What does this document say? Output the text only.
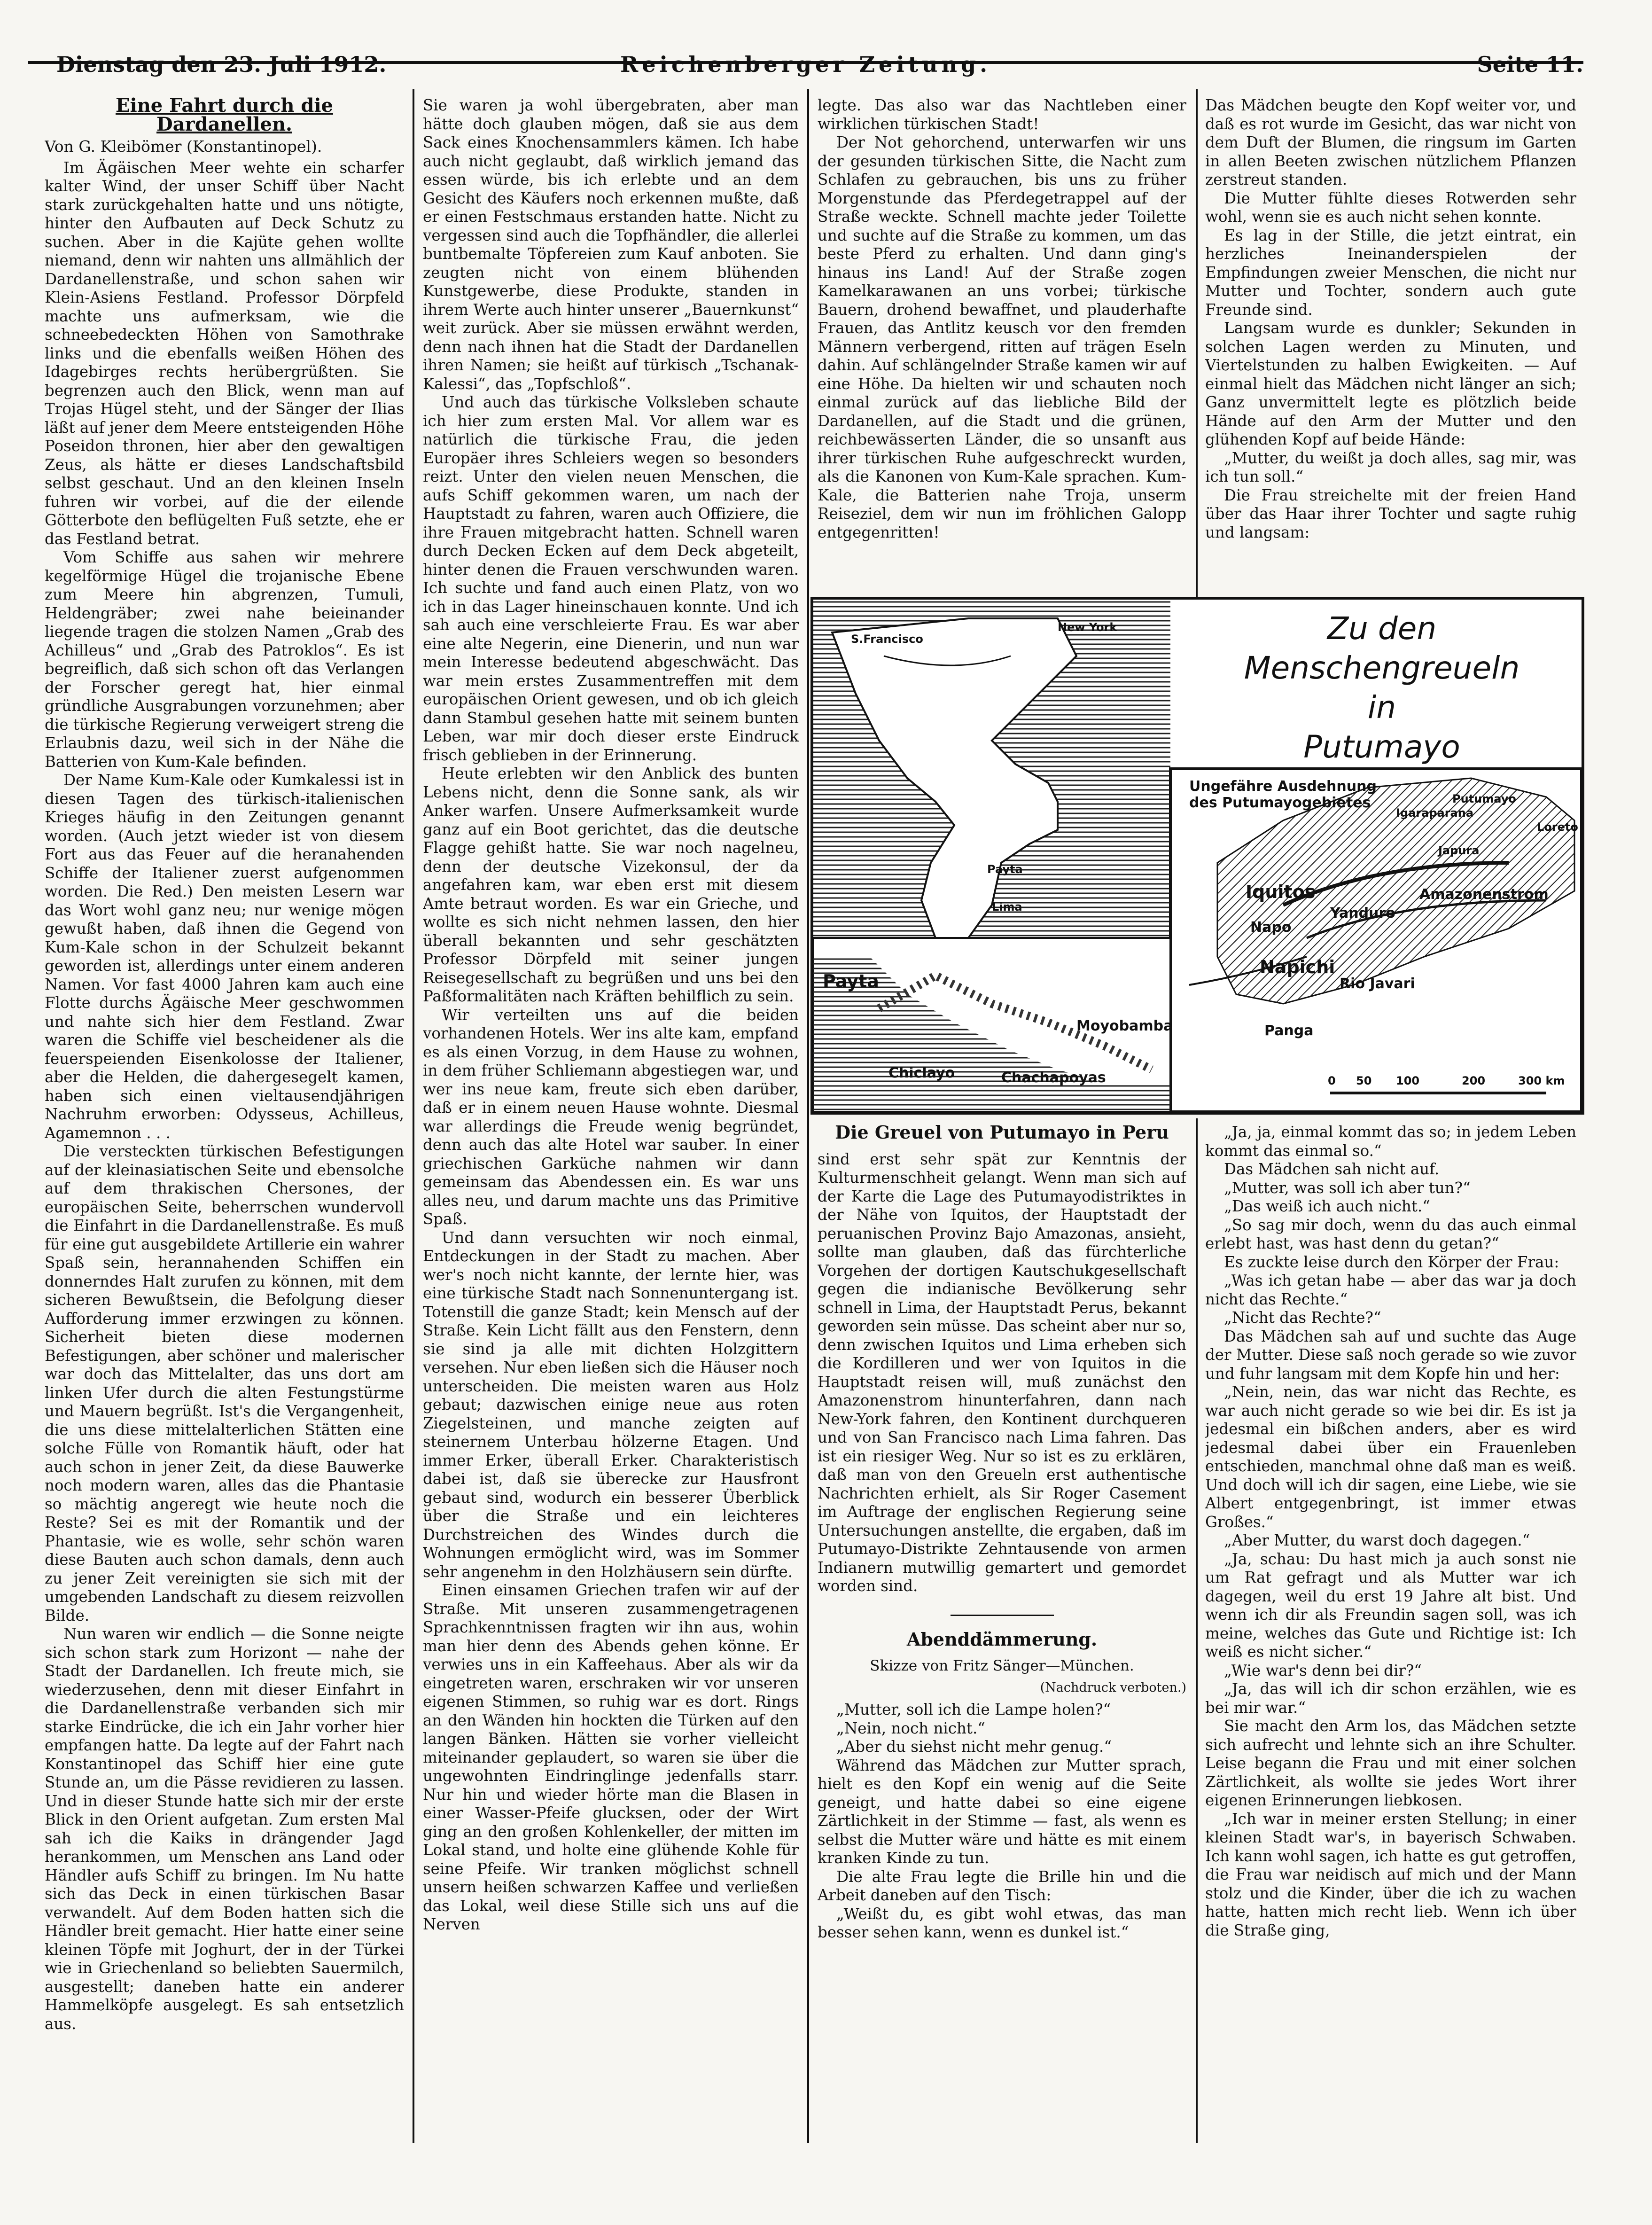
Dienstag den 23. Juli 1912.	Reichenberger Zeitung.	Seite 11.
Eine Fahrt durch die Dardanellen.
Von G. Kleibömer (Konstantinopel).

Im Ägäischen Meer wehte ein scharfer kalter Wind, der unser Schiff über Nacht stark zurückgehalten hatte und uns nötigte, hinter den Aufbauten auf Deck Schutz zu suchen. Aber in die Kajüte gehen wollte niemand, denn wir nahten uns allmählich der Dardanellenstraße, und schon sahen wir Klein-Asiens Festland. Professor Dörpfeld machte uns aufmerksam, wie die schneebedeckten Höhen von Samothrake links und die ebenfalls weißen Höhen des Idagebirges rechts herübergrüßten. Sie begrenzen auch den Blick, wenn man auf Trojas Hügel steht, und der Sänger der Ilias läßt auf jener dem Meere entsteigenden Höhe Poseidon thronen, hier aber den gewaltigen Zeus, als hätte er dieses Landschaftsbild selbst geschaut. Und an den kleinen Inseln fuhren wir vorbei, auf die der eilende Götterbote den beflügelten Fuß setzte, ehe er das Festland betrat.

Vom Schiffe aus sahen wir mehrere kegelförmige Hügel die trojanische Ebene zum Meere hin abgrenzen, Tumuli, Heldengräber; zwei nahe beieinander liegende tragen die stolzen Namen „Grab des Achilleus“ und „Grab des Patroklos“. Es ist begreiflich, daß sich schon oft das Verlangen der Forscher geregt hat, hier einmal gründliche Ausgrabungen vorzunehmen; aber die türkische Regierung verweigert streng die Erlaubnis dazu, weil sich in der Nähe die Batterien von Kum-Kale befinden.

Der Name Kum-Kale oder Kumkalessi ist in diesen Tagen des türkisch-italienischen Krieges häufig in den Zeitungen genannt worden. (Auch jetzt wieder ist von diesem Fort aus das Feuer auf die heranahenden Schiffe der Italiener zuerst aufgenommen worden. Die Red.) Den meisten Lesern war das Wort wohl ganz neu; nur wenige mögen gewußt haben, daß ihnen die Gegend von Kum-Kale schon in der Schulzeit bekannt geworden ist, allerdings unter einem anderen Namen. Vor fast 4000 Jahren kam auch eine Flotte durchs Ägäische Meer geschwommen und nahte sich hier dem Festland. Zwar waren die Schiffe viel bescheidener als die feuerspeienden Eisenkolosse der Italiener, aber die Helden, die dahergesegelt kamen, haben sich einen vieltausendjährigen Nachruhm erworben: Odysseus, Achilleus, Agamemnon . . .

Die versteckten türkischen Befestigungen auf der kleinasiatischen Seite und ebensolche auf dem thrakischen Chersones, der europäischen Seite, beherrschen wundervoll die Einfahrt in die Dardanellenstraße. Es muß für eine gut ausgebildete Artillerie ein wahrer Spaß sein, herannahenden Schiffen ein donnerndes Halt zurufen zu können, mit dem sicheren Bewußtsein, die Befolgung dieser Aufforderung immer erzwingen zu können. Sicherheit bieten diese modernen Befestigungen, aber schöner und malerischer war doch das Mittelalter, das uns dort am linken Ufer durch die alten Festungstürme und Mauern begrüßt. Ist's die Vergangenheit, die uns diese mittelalterlichen Stätten eine solche Fülle von Romantik häuft, oder hat auch schon in jener Zeit, da diese Bauwerke noch modern waren, alles das die Phantasie so mächtig angeregt wie heute noch die Reste? Sei es mit der Romantik und der Phantasie, wie es wolle, sehr schön waren diese Bauten auch schon damals, denn auch zu jener Zeit vereinigten sie sich mit der umgebenden Landschaft zu diesem reizvollen Bilde.

Nun waren wir endlich — die Sonne neigte sich schon stark zum Horizont — nahe der Stadt der Dardanellen. Ich freute mich, sie wiederzusehen, denn mit dieser Einfahrt in die Dardanellenstraße verbanden sich mir starke Eindrücke, die ich ein Jahr vorher hier empfangen hatte. Da legte auf der Fahrt nach Konstantinopel das Schiff hier eine gute Stunde an, um die Pässe revidieren zu lassen. Und in dieser Stunde hatte sich mir der erste Blick in den Orient aufgetan. Zum ersten Mal sah ich die Kaiks in drängender Jagd herankommen, um Menschen ans Land oder Händler aufs Schiff zu bringen. Im Nu hatte sich das Deck in einen türkischen Basar verwandelt. Auf dem Boden hatten sich die Händler breit gemacht. Hier hatte einer seine kleinen Töpfe mit Joghurt, der in der Türkei wie in Griechenland so beliebten Sauermilch, ausgestellt; daneben hatte ein anderer Hammelköpfe ausgelegt. Es sah entsetzlich aus.

Sie waren ja wohl übergebraten, aber man hätte doch glauben mögen, daß sie aus dem Sack eines Knochensammlers kämen. Ich habe auch nicht geglaubt, daß wirklich jemand das essen würde, bis ich erlebte und an dem Gesicht des Käufers noch erkennen mußte, daß er einen Festschmaus erstanden hatte. Nicht zu vergessen sind auch die Topfhändler, die allerlei buntbemalte Töpfereien zum Kauf anboten. Sie zeugten nicht von einem blühenden Kunstgewerbe, diese Produkte, standen in ihrem Werte auch hinter unserer „Bauernkunst“ weit zurück. Aber sie müssen erwähnt werden, denn nach ihnen hat die Stadt der Dardanellen ihren Namen; sie heißt auf türkisch „Tschanak-Kalessi“, das „Topfschloß“.

Und auch das türkische Volksleben schaute ich hier zum ersten Mal. Vor allem war es natürlich die türkische Frau, die jeden Europäer ihres Schleiers wegen so besonders reizt. Unter den vielen neuen Menschen, die aufs Schiff gekommen waren, um nach der Hauptstadt zu fahren, waren auch Offiziere, die ihre Frauen mitgebracht hatten. Schnell waren durch Decken Ecken auf dem Deck abgeteilt, hinter denen die Frauen verschwunden waren. Ich suchte und fand auch einen Platz, von wo ich in das Lager hineinschauen konnte. Und ich sah auch eine verschleierte Frau. Es war aber eine alte Negerin, eine Dienerin, und nun war mein Interesse bedeutend abgeschwächt. Das war mein erstes Zusammentreffen mit dem europäischen Orient gewesen, und ob ich gleich dann Stambul gesehen hatte mit seinem bunten Leben, war mir doch dieser erste Eindruck frisch geblieben in der Erinnerung.

Heute erlebten wir den Anblick des bunten Lebens nicht, denn die Sonne sank, als wir Anker warfen. Unsere Aufmerksamkeit wurde ganz auf ein Boot gerichtet, das die deutsche Flagge gehißt hatte. Sie war noch nagelneu, denn der deutsche Vizekonsul, der da angefahren kam, war eben erst mit diesem Amte betraut worden. Es war ein Grieche, und wollte es sich nicht nehmen lassen, den hier überall bekannten und sehr geschätzten Professor Dörpfeld mit seiner jungen Reisegesellschaft zu begrüßen und uns bei den Paßformalitäten nach Kräften behilflich zu sein.

Wir verteilten uns auf die beiden vorhandenen Hotels. Wer ins alte kam, empfand es als einen Vorzug, in dem Hause zu wohnen, in dem früher Schliemann abgestiegen war, und wer ins neue kam, freute sich eben darüber, daß er in einem neuen Hause wohnte. Diesmal war allerdings die Freude wenig begründet, denn auch das alte Hotel war sauber. In einer griechischen Garküche nahmen wir dann gemeinsam das Abendessen ein. Es war uns alles neu, und darum machte uns das Primitive Spaß.

Und dann versuchten wir noch einmal, Entdeckungen in der Stadt zu machen. Aber wer's noch nicht kannte, der lernte hier, was eine türkische Stadt nach Sonnenuntergang ist. Totenstill die ganze Stadt; kein Mensch auf der Straße. Kein Licht fällt aus den Fenstern, denn sie sind ja alle mit dichten Holzgittern versehen. Nur eben ließen sich die Häuser noch unterscheiden. Die meisten waren aus Holz gebaut; dazwischen einige neue aus roten Ziegelsteinen, und manche zeigten auf steinernem Unterbau hölzerne Etagen. Und immer Erker, überall Erker. Charakteristisch dabei ist, daß sie überecke zur Hausfront gebaut sind, wodurch ein besserer Überblick über die Straße und ein leichteres Durchstreichen des Windes durch die Wohnungen ermöglicht wird, was im Sommer sehr angenehm in den Holzhäusern sein dürfte.

Einen einsamen Griechen trafen wir auf der Straße. Mit unseren zusammengetragenen Sprachkenntnissen fragten wir ihn aus, wohin man hier denn des Abends gehen könne. Er verwies uns in ein Kaffeehaus. Aber als wir da eingetreten waren, erschraken wir vor unseren eigenen Stimmen, so ruhig war es dort. Rings an den Wänden hin hockten die Türken auf den langen Bänken. Hätten sie vorher vielleicht miteinander geplaudert, so waren sie über die ungewohnten Eindringlinge jedenfalls starr. Nur hin und wieder hörte man die Blasen in einer Wasser-Pfeife glucksen, oder der Wirt ging an den großen Kohlenkeller, der mitten im Lokal stand, und holte eine glühende Kohle für seine Pfeife. Wir tranken möglichst schnell unsern heißen schwarzen Kaffee und verließen das Lokal, weil diese Stille sich uns auf die Nerven

legte. Das also war das Nachtleben einer wirklichen türkischen Stadt!

Der Not gehorchend, unterwarfen wir uns der gesunden türkischen Sitte, die Nacht zum Schlafen zu gebrauchen, bis uns zu früher Morgenstunde das Pferdegetrappel auf der Straße weckte. Schnell machte jeder Toilette und suchte auf die Straße zu kommen, um das beste Pferd zu erhalten. Und dann ging's hinaus ins Land! Auf der Straße zogen Kamelkarawanen an uns vorbei; türkische Bauern, drohend bewaffnet, und plauderhafte Frauen, das Antlitz keusch vor den fremden Männern verbergend, ritten auf trägen Eseln dahin. Auf schlängelnder Straße kamen wir auf eine Höhe. Da hielten wir und schauten noch einmal zurück auf das liebliche Bild der Dardanellen, auf die Stadt und die grünen, reichbewässerten Länder, die so unsanft aus ihrer türkischen Ruhe aufgeschreckt wurden, als die Kanonen von Kum-Kale sprachen. Kum-Kale, die Batterien nahe Troja, unserm Reiseziel, dem wir nun im fröhlichen Galopp entgegenritten!

Das Mädchen beugte den Kopf weiter vor, und daß es rot wurde im Gesicht, das war nicht von dem Duft der Blumen, die ringsum im Garten in allen Beeten zwischen nützlichem Pflanzen zerstreut standen.

Die Mutter fühlte dieses Rotwerden sehr wohl, wenn sie es auch nicht sehen konnte.

Es lag in der Stille, die jetzt eintrat, ein herzliches Ineinanderspielen der Empfindungen zweier Menschen, die nicht nur Mutter und Tochter, sondern auch gute Freunde sind.

Langsam wurde es dunkler; Sekunden in solchen Lagen werden zu Minuten, und Viertelstunden zu halben Ewigkeiten. — Auf einmal hielt das Mädchen nicht länger an sich; Ganz unvermittelt legte es plötzlich beide Hände auf den Arm der Mutter und den glühenden Kopf auf beide Hände:

„Mutter, du weißt ja doch alles, sag mir, was ich tun soll.“

Die Frau streichelte mit der freien Hand über das Haar ihrer Tochter und sagte ruhig und langsam:

Zu den
Menschengreueln
in
Putumayo
Ungefähre Ausdehnung
des Putumayogebietes
S.Francisco
New York
Payta
Lima
Payta
Moyobamba
Chiclayo	Chachapoyas
Iquitos
Napo
Yanduro
Napichi
Panga
Amazonenstrom
Igaraparana
Putumayo
Japura
Loreto
Rio Javari
0 50 100	200	300 km
Die Greuel von Putumayo in Peru

sind erst sehr spät zur Kenntnis der Kulturmenschheit gelangt. Wenn man sich auf der Karte die Lage des Putumayodistriktes in der Nähe von Iquitos, der Hauptstadt der peruanischen Provinz Bajo Amazonas, ansieht, sollte man glauben, daß das fürchterliche Vorgehen der dortigen Kautschukgesellschaft gegen die indianische Bevölkerung sehr schnell in Lima, der Hauptstadt Perus, bekannt geworden sein müsse. Das scheint aber nur so, denn zwischen Iquitos und Lima erheben sich die Kordilleren und wer von Iquitos in die Hauptstadt reisen will, muß zunächst den Amazonenstrom hinunterfahren, dann nach New-York fahren, den Kontinent durchqueren und von San Francisco nach Lima fahren. Das ist ein riesiger Weg. Nur so ist es zu erklären, daß man von den Greueln erst authentische Nachrichten erhielt, als Sir Roger Casement im Auftrage der englischen Regierung seine Untersuchungen anstellte, die ergaben, daß im Putumayo-Distrikte Zehntausende von armen Indianern mutwillig gemartert und gemordet worden sind.

Abenddämmerung.
Skizze von Fritz Sänger—München.
(Nachdruck verboten.)

„Mutter, soll ich die Lampe holen?“

„Nein, noch nicht.“

„Aber du siehst nicht mehr genug.“

Während das Mädchen zur Mutter sprach, hielt es den Kopf ein wenig auf die Seite geneigt, und hatte dabei so eine eigene Zärtlichkeit in der Stimme — fast, als wenn es selbst die Mutter wäre und hätte es mit einem kranken Kinde zu tun.

Die alte Frau legte die Brille hin und die Arbeit daneben auf den Tisch:

„Weißt du, es gibt wohl etwas, das man besser sehen kann, wenn es dunkel ist.“

„Ja, ja, einmal kommt das so; in jedem Leben kommt das einmal so.“

Das Mädchen sah nicht auf.

„Mutter, was soll ich aber tun?“

„Das weiß ich auch nicht.“

„So sag mir doch, wenn du das auch einmal erlebt hast, was hast denn du getan?“

Es zuckte leise durch den Körper der Frau:

„Was ich getan habe — aber das war ja doch nicht das Rechte.“

„Nicht das Rechte?“

Das Mädchen sah auf und suchte das Auge der Mutter. Diese saß noch gerade so wie zuvor und fuhr langsam mit dem Kopfe hin und her:

„Nein, nein, das war nicht das Rechte, es war auch nicht gerade so wie bei dir. Es ist ja jedesmal ein bißchen anders, aber es wird jedesmal dabei über ein Frauenleben entschieden, manchmal ohne daß man es weiß. Und doch will ich dir sagen, eine Liebe, wie sie Albert entgegenbringt, ist immer etwas Großes.“

„Aber Mutter, du warst doch dagegen.“

„Ja, schau: Du hast mich ja auch sonst nie um Rat gefragt und als Mutter war ich dagegen, weil du erst 19 Jahre alt bist. Und wenn ich dir als Freundin sagen soll, was ich meine, welches das Gute und Richtige ist: Ich weiß es nicht sicher.“

„Wie war's denn bei dir?“

„Ja, das will ich dir schon erzählen, wie es bei mir war.“

Sie macht den Arm los, das Mädchen setzte sich aufrecht und lehnte sich an ihre Schulter. Leise begann die Frau und mit einer solchen Zärtlichkeit, als wollte sie jedes Wort ihrer eigenen Erinnerungen liebkosen.

„Ich war in meiner ersten Stellung; in einer kleinen Stadt war's, in bayerisch Schwaben. Ich kann wohl sagen, ich hatte es gut getroffen, die Frau war neidisch auf mich und der Mann stolz und die Kinder, über die ich zu wachen hatte, hatten mich recht lieb. Wenn ich über die Straße ging,
